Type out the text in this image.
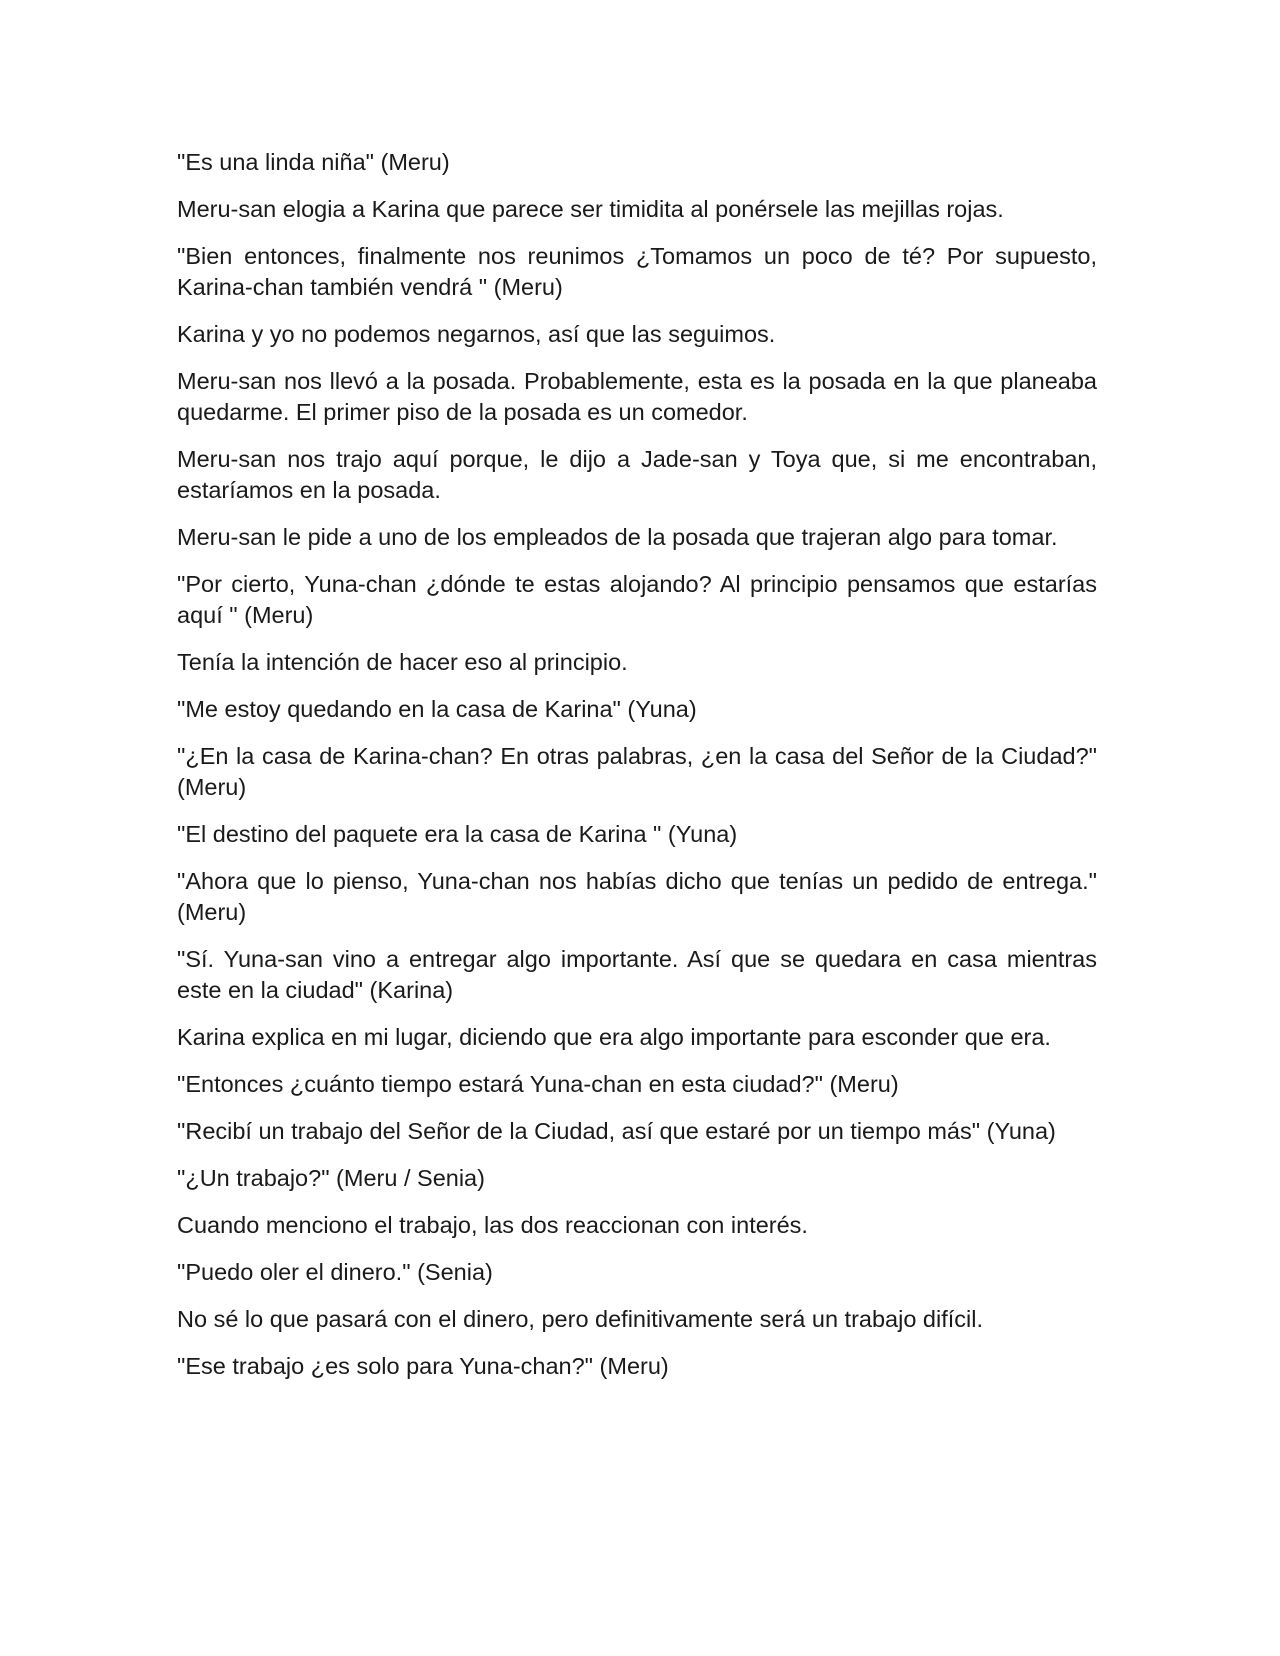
"Es una linda niña" (Meru)

Meru-san elogia a Karina que parece ser timidita al ponérsele las mejillas rojas.

"Bien entonces, finalmente nos reunimos ¿Tomamos un poco de té? Por supuesto, Karina-chan también vendrá " (Meru)

Karina y yo no podemos negarnos, así que las seguimos.

Meru-san nos llevó a la posada. Probablemente, esta es la posada en la que planeaba quedarme. El primer piso de la posada es un comedor.

Meru-san nos trajo aquí porque, le dijo a Jade-san y Toya que, si me encontraban, estaríamos en la posada.

Meru-san le pide a uno de los empleados de la posada que trajeran algo para tomar.

"Por cierto, Yuna-chan ¿dónde te estas alojando? Al principio pensamos que estarías aquí " (Meru)

Tenía la intención de hacer eso al principio.

"Me estoy quedando en la casa de Karina" (Yuna)

"¿En la casa de Karina-chan? En otras palabras, ¿en la casa del Señor de la Ciudad?" (Meru)

"El destino del paquete era la casa de Karina " (Yuna)

"Ahora que lo pienso, Yuna-chan nos habías dicho que tenías un pedido de entrega." (Meru)

"Sí. Yuna-san vino a entregar algo importante. Así que se quedara en casa mientras este en la ciudad" (Karina)

Karina explica en mi lugar, diciendo que era algo importante para esconder que era.

"Entonces ¿cuánto tiempo estará Yuna-chan en esta ciudad?" (Meru)

"Recibí un trabajo del Señor de la Ciudad, así que estaré por un tiempo más" (Yuna)

"¿Un trabajo?" (Meru / Senia)

Cuando menciono el trabajo, las dos reaccionan con interés.

"Puedo oler el dinero." (Senia)

No sé lo que pasará con el dinero, pero definitivamente será un trabajo difícil.

"Ese trabajo ¿es solo para Yuna-chan?" (Meru)
